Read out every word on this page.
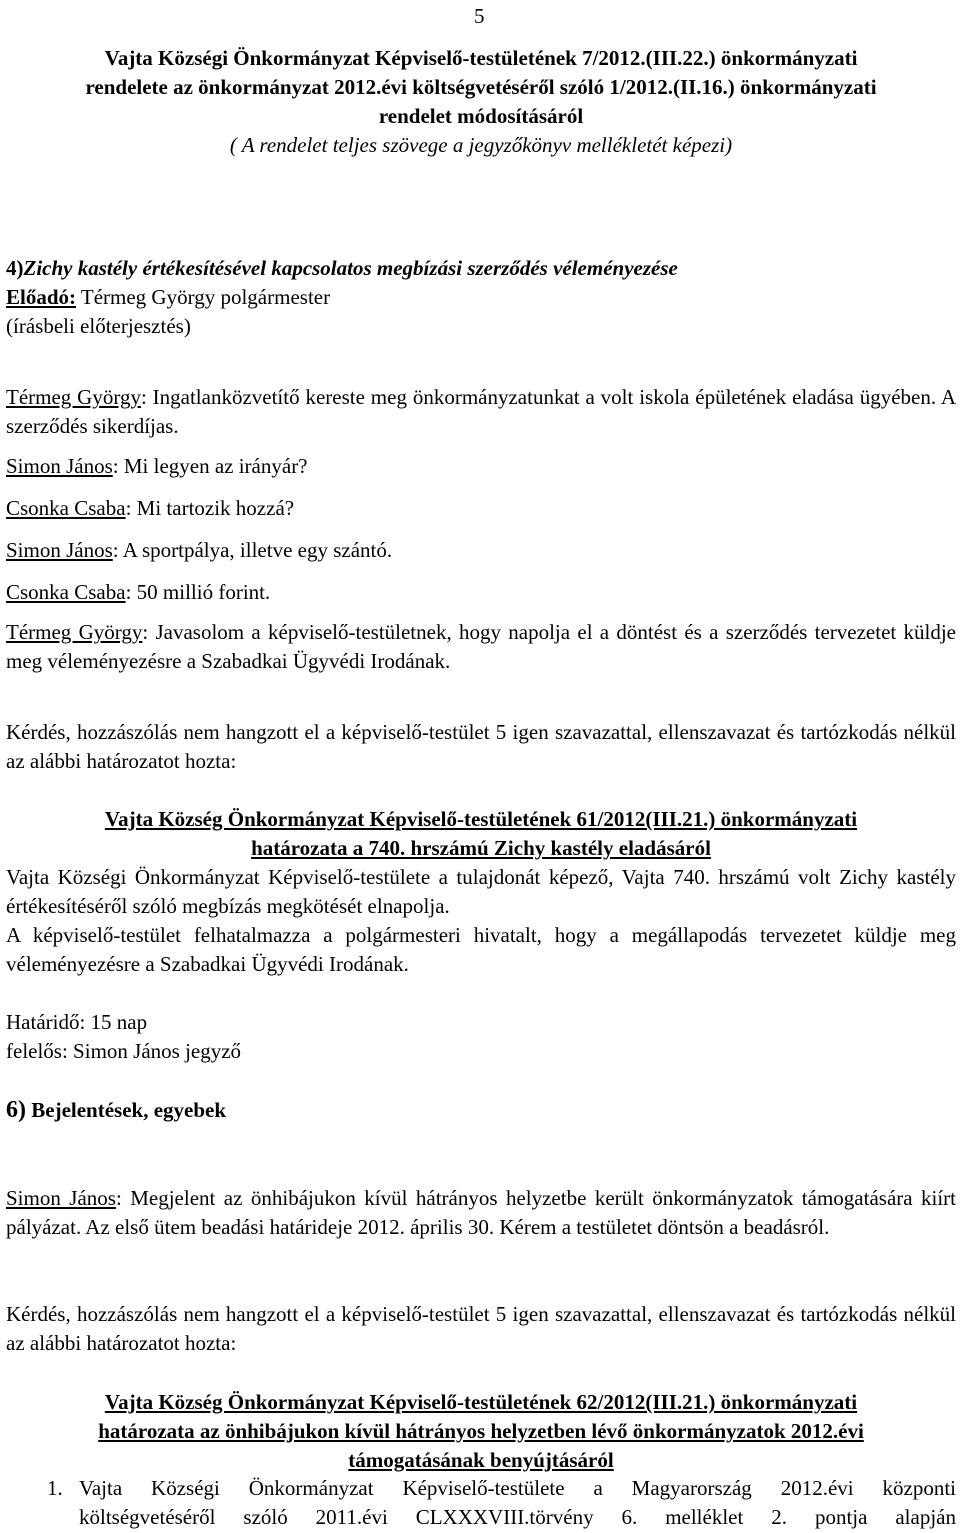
5

Vajta Községi Önkormányzat Képviselő-testületének 7/2012.(III.22.) önkormányzati

rendelete az önkormányzat 2012.évi költségvetéséről szóló 1/2012.(II.16.) önkormányzati

rendelet módosításáról

( A rendelet teljes szövege a jegyzőkönyv mellékletét képezi)

4)Zichy kastély értékesítésével kapcsolatos megbízási szerződés véleményezése

Előadó: Térmeg György polgármester

(írásbeli előterjesztés)

Térmeg György: Ingatlanközvetítő kereste meg önkormányzatunkat a volt iskola épületének eladása ügyében. A szerződés sikerdíjas.
Simon János: Mi legyen az irányár?
Csonka Csaba: Mi tartozik hozzá?
Simon János: A sportpálya, illetve egy szántó.
Csonka Csaba: 50 millió forint.
Térmeg György: Javasolom a képviselő-testületnek, hogy napolja el a döntést és a szerződés tervezetet küldje meg véleményezésre a Szabadkai Ügyvédi Irodának.
Kérdés, hozzászólás nem hangzott el a képviselő-testület 5 igen szavazattal, ellenszavazat és tartózkodás nélkül az alábbi határozatot hozta:

Vajta Község Önkormányzat Képviselő-testületének 61/2012(III.21.) önkormányzati

határozata a 740. hrszámú Zichy kastély eladásáról

Vajta Községi Önkormányzat Képviselő-testülete a tulajdonát képező, Vajta 740. hrszámú volt Zichy kastély értékesítéséről szóló megbízás megkötését elnapolja.
A képviselő-testület felhatalmazza a polgármesteri hivatalt, hogy a megállapodás tervezetet küldje meg véleményezésre a Szabadkai Ügyvédi Irodának.
Határidő: 15 nap
felelős: Simon János jegyző
6) Bejelentések, egyebek
Simon János: Megjelent az önhibájukon kívül hátrányos helyzetbe került önkormányzatok támogatására kiírt pályázat. Az első ütem beadási határideje 2012. április 30. Kérem a testületet döntsön a beadásról.
Kérdés, hozzászólás nem hangzott el a képviselő-testület 5 igen szavazattal, ellenszavazat és tartózkodás nélkül az alábbi határozatot hozta:

Vajta Község Önkormányzat Képviselő-testületének 62/2012(III.21.) önkormányzati

határozata az önhibájukon kívül hátrányos helyzetben lévő önkormányzatok 2012.évi

támogatásának benyújtásáról

1. Vajta Községi Önkormányzat Képviselő-testülete a Magyarország 2012.évi központi

költségvetéséről szóló 2011.évi CLXXXVIII.törvény 6. melléklet 2. pontja alapján
